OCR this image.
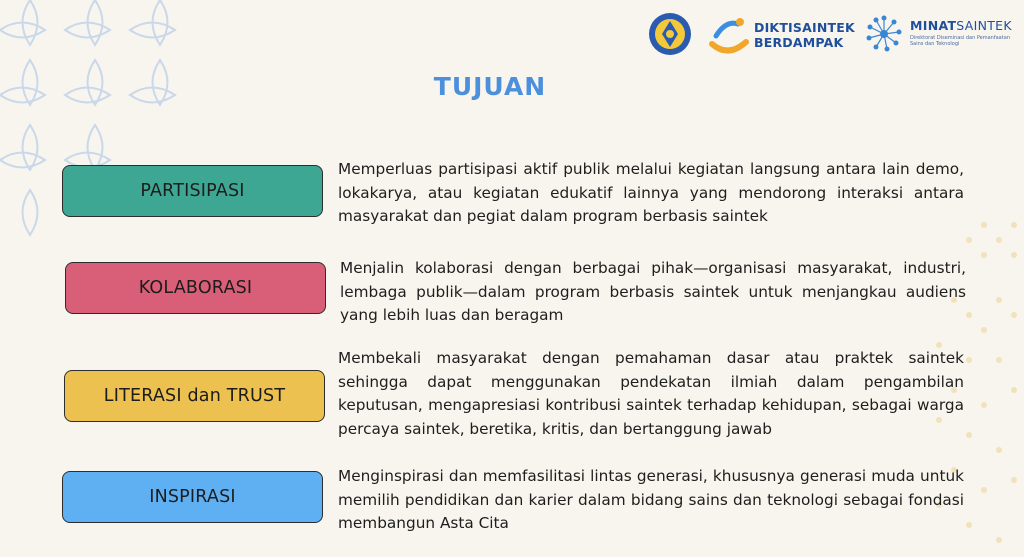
DIKTISAINTEK
BERDAMPAK
MINATSAINTEK
Direktorat Diseminasi dan Pemanfaatan Sains dan Teknologi
TUJUAN
PARTISIPASI
Memperluas partisipasi aktif publik melalui kegiatan langsung antara lain demo, lokakarya, atau kegiatan edukatif lainnya yang mendorong interaksi antara masyarakat dan pegiat dalam program berbasis saintek
KOLABORASI
Menjalin kolaborasi dengan berbagai pihak—organisasi masyarakat, industri, lembaga publik—dalam program berbasis saintek untuk menjangkau audiens yang lebih luas dan beragam
LITERASI dan TRUST
Membekali masyarakat dengan pemahaman dasar atau praktek saintek sehingga dapat menggunakan pendekatan ilmiah dalam pengambilan keputusan, mengapresiasi kontribusi saintek terhadap kehidupan, sebagai warga percaya saintek, beretika, kritis, dan bertanggung jawab
INSPIRASI
Menginspirasi dan memfasilitasi lintas generasi, khususnya generasi muda untuk memilih pendidikan dan karier dalam bidang sains dan teknologi sebagai fondasi membangun Asta Cita
